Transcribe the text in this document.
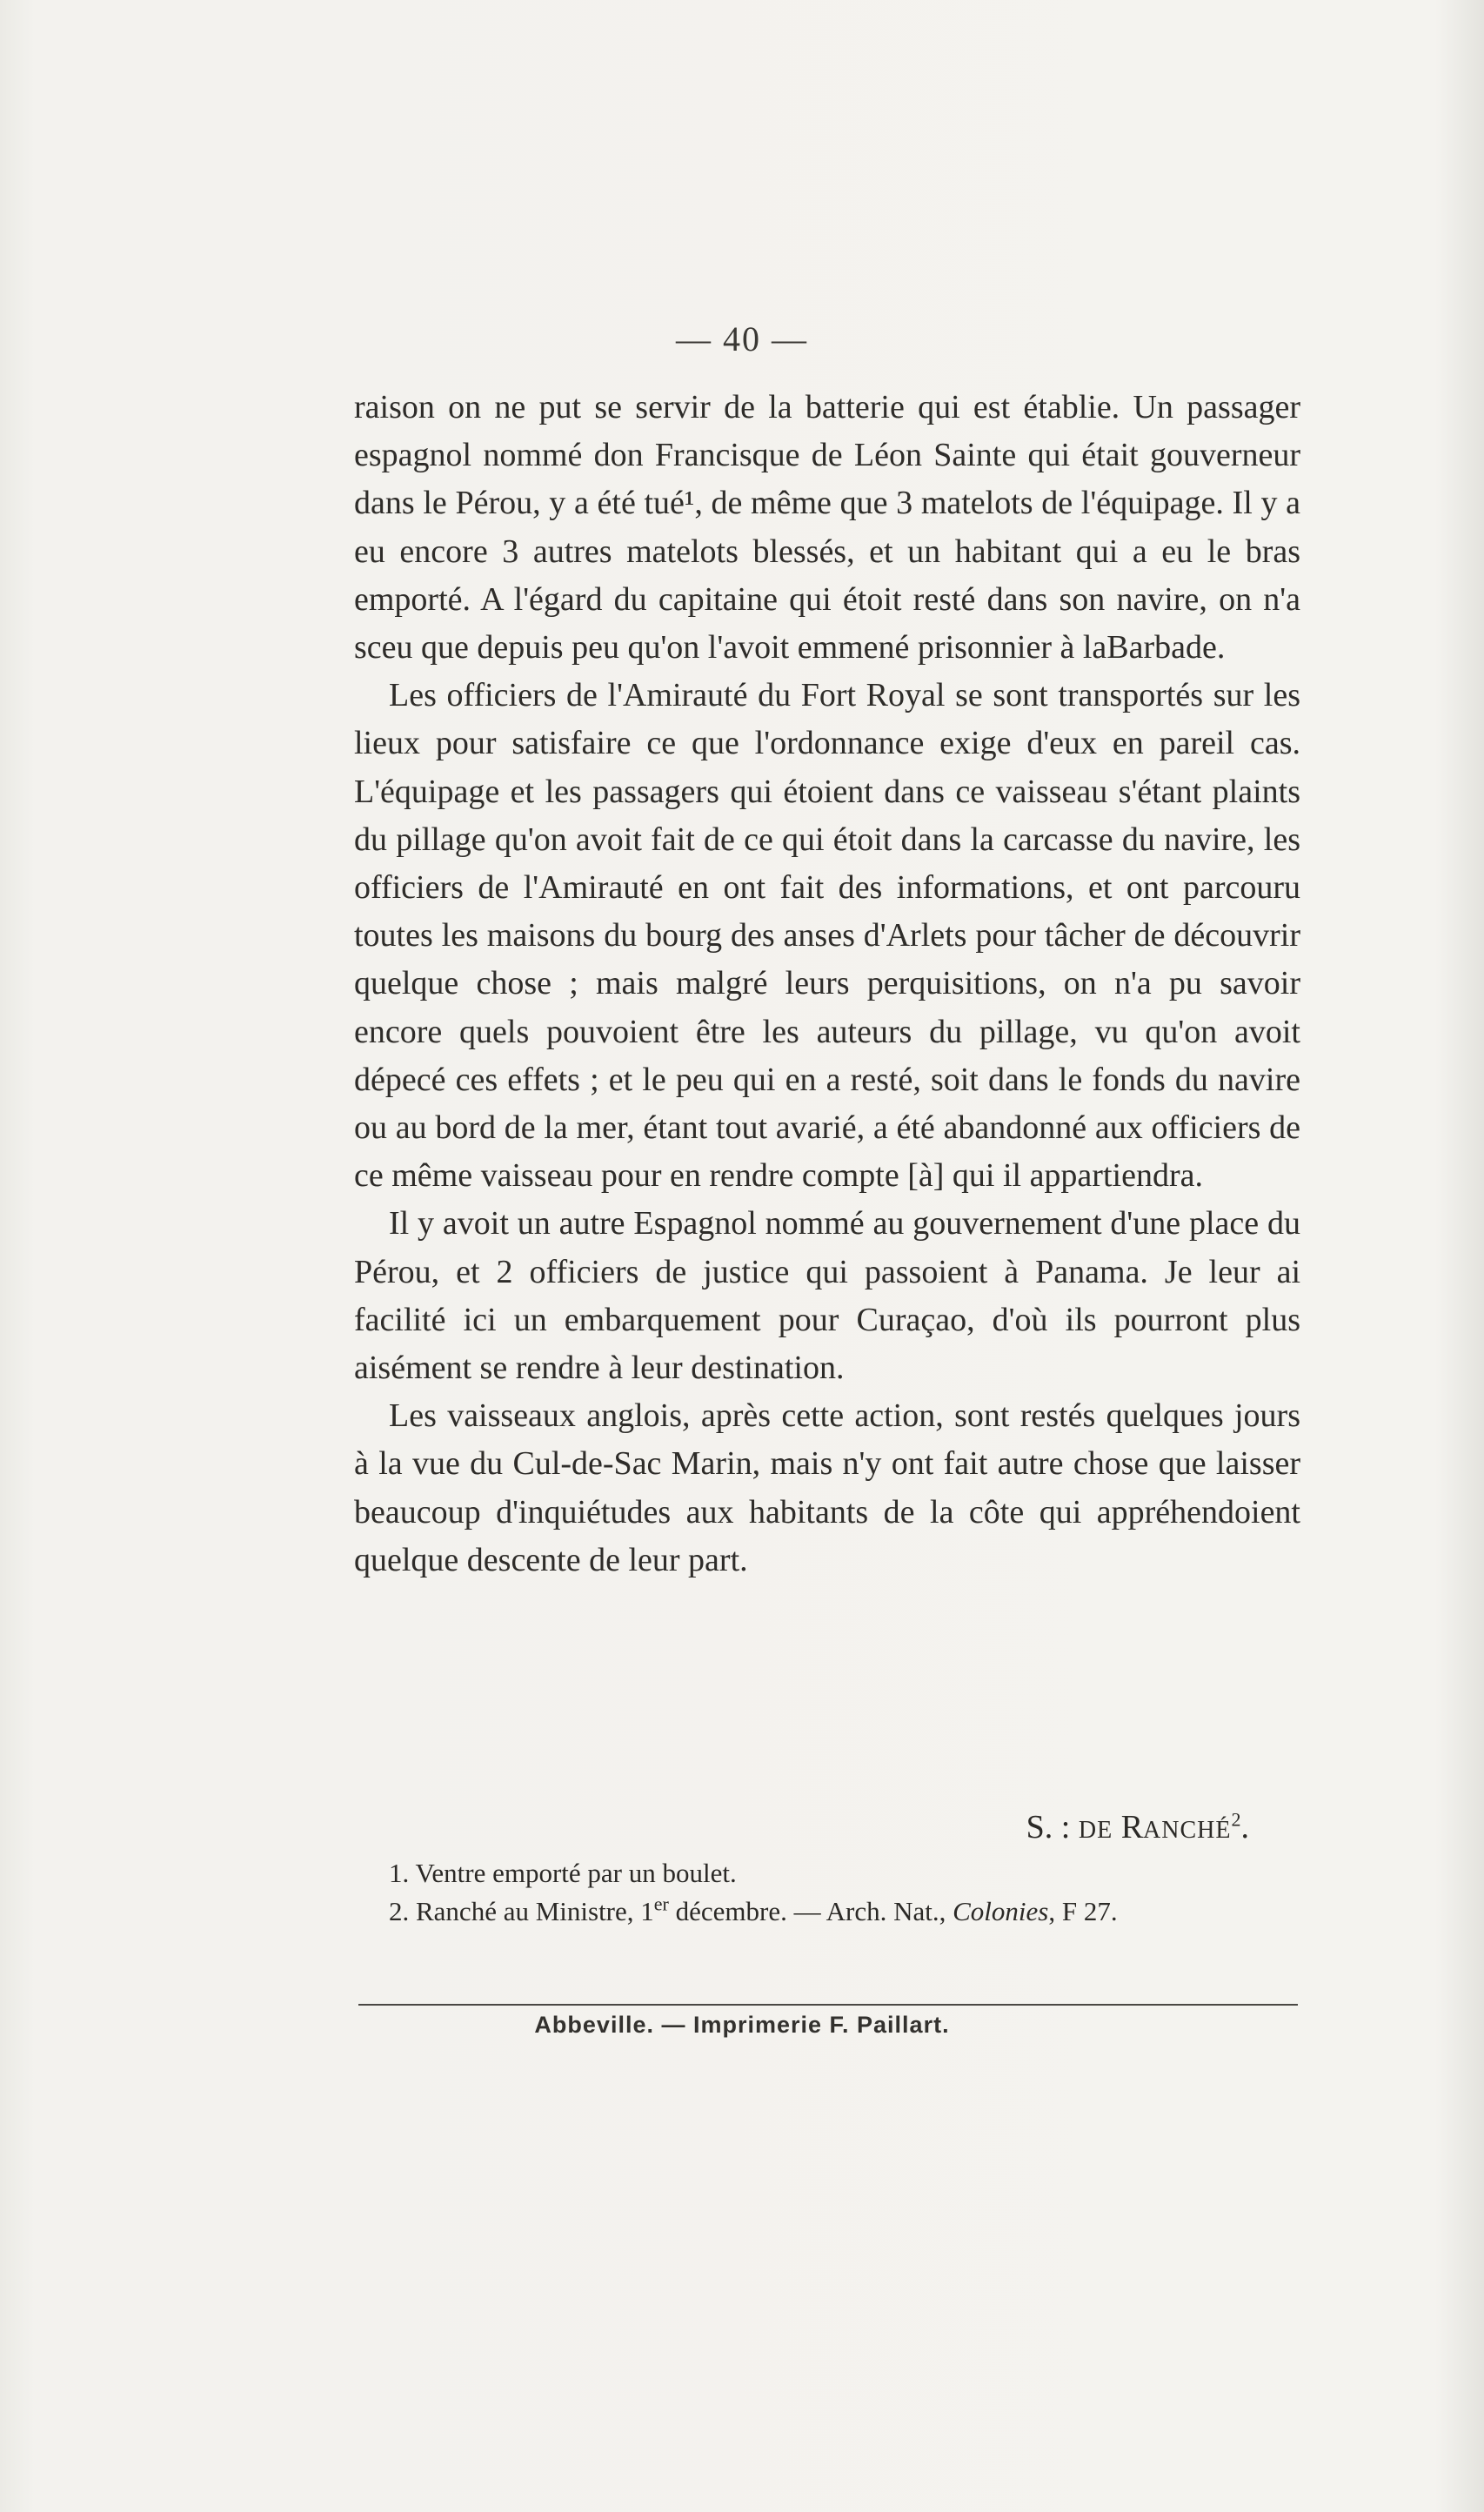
— 40 —

raison on ne put se servir de la batterie qui est établie. Un passager espagnol nommé don Francisque de Léon Sainte qui était gouverneur dans le Pérou, y a été tué¹, de même que 3 matelots de l'équipage. Il y a eu encore 3 autres matelots blessés, et un habitant qui a eu le bras emporté. A l'égard du capitaine qui étoit resté dans son navire, on n'a sceu que depuis peu qu'on l'avoit emmené prisonnier à laBarbade.

Les officiers de l'Amirauté du Fort Royal se sont transportés sur les lieux pour satisfaire ce que l'ordonnance exige d'eux en pareil cas. L'équipage et les passagers qui étoient dans ce vaisseau s'étant plaints du pillage qu'on avoit fait de ce qui étoit dans la carcasse du navire, les officiers de l'Amirauté en ont fait des informations, et ont parcouru toutes les maisons du bourg des anses d'Arlets pour tâcher de découvrir quelque chose ; mais malgré leurs perquisitions, on n'a pu savoir encore quels pouvoient être les auteurs du pillage, vu qu'on avoit dépecé ces effets ; et le peu qui en a resté, soit dans le fonds du navire ou au bord de la mer, étant tout avarié, a été abandonné aux officiers de ce même vaisseau pour en rendre compte [à] qui il appartiendra.

Il y avoit un autre Espagnol nommé au gouvernement d'une place du Pérou, et 2 officiers de justice qui passoient à Panama. Je leur ai facilité ici un embarquement pour Curaçao, d'où ils pourront plus aisément se rendre à leur destination.

Les vaisseaux anglois, après cette action, sont restés quelques jours à la vue du Cul-de-Sac Marin, mais n'y ont fait autre chose que laisser beaucoup d'inquiétudes aux habitants de la côte qui appréhendoient quelque descente de leur part.

S. : DE RANCHÉ$^2$.

1. Ventre emporté par un boulet.

2. Ranché au Ministre, 1er décembre. — Arch. Nat., Colonies, F 27.

Abbeville. — Imprimerie F. Paillart.
